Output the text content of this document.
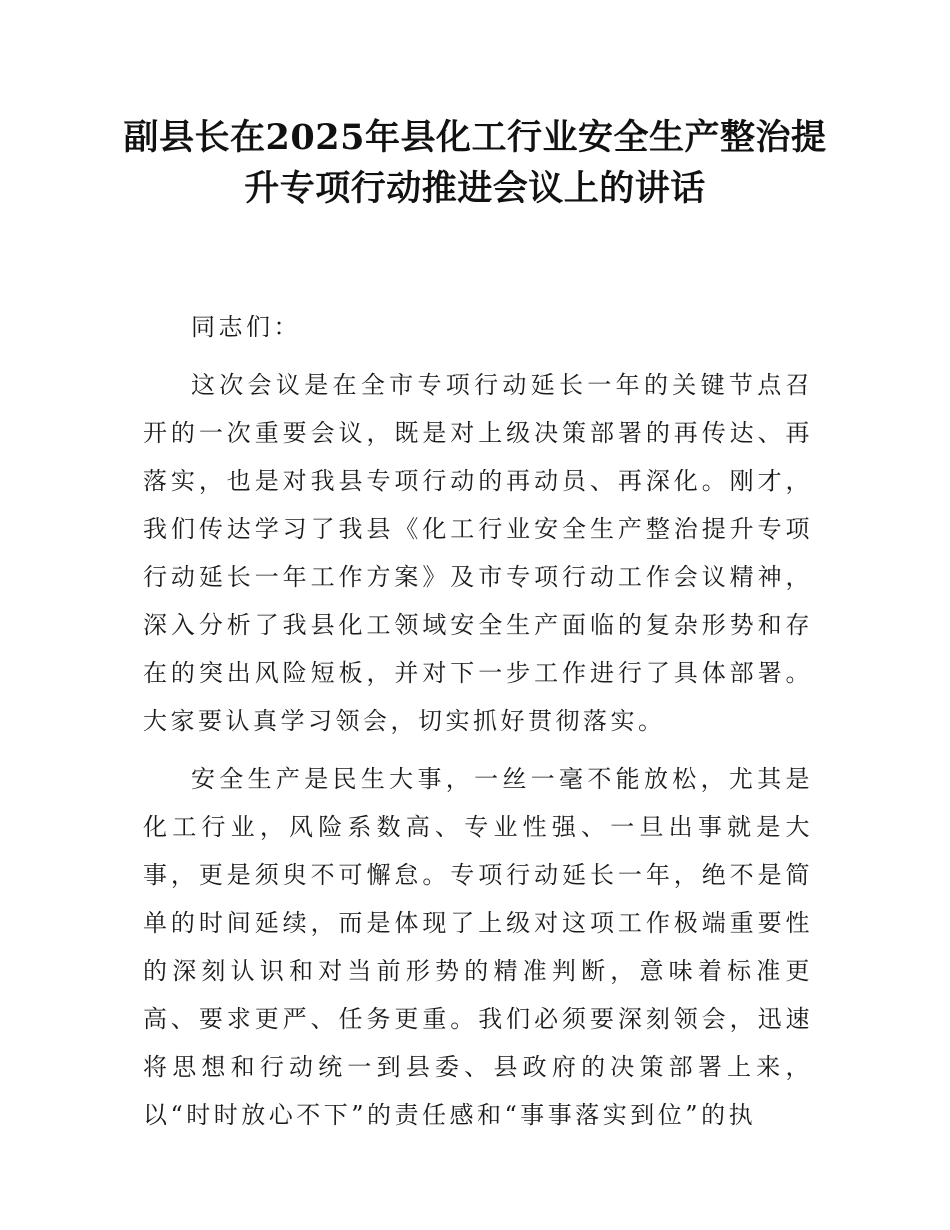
副县长在2025年县化工行业安全生产整治提升专项行动推进会议上的讲话

同志们：

这次会议是在全市专项行动延长一年的关键节点召开的一次重要会议，既是对上级决策部署的再传达、再落实，也是对我县专项行动的再动员、再深化。刚才，我们传达学习了我县《化工行业安全生产整治提升专项行动延长一年工作方案》及市专项行动工作会议精神，深入分析了我县化工领域安全生产面临的复杂形势和存在的突出风险短板，并对下一步工作进行了具体部署。大家要认真学习领会，切实抓好贯彻落实。

安全生产是民生大事，一丝一毫不能放松，尤其是化工行业，风险系数高、专业性强、一旦出事就是大事，更是须臾不可懈怠。专项行动延长一年，绝不是简单的时间延续，而是体现了上级对这项工作极端重要性的深刻认识和对当前形势的精准判断，意味着标准更高、要求更严、任务更重。我们必须要深刻领会，迅速将思想和行动统一到县委、县政府的决策部署上来，以“时时放心不下”的责任感和“事事落实到位”的执
